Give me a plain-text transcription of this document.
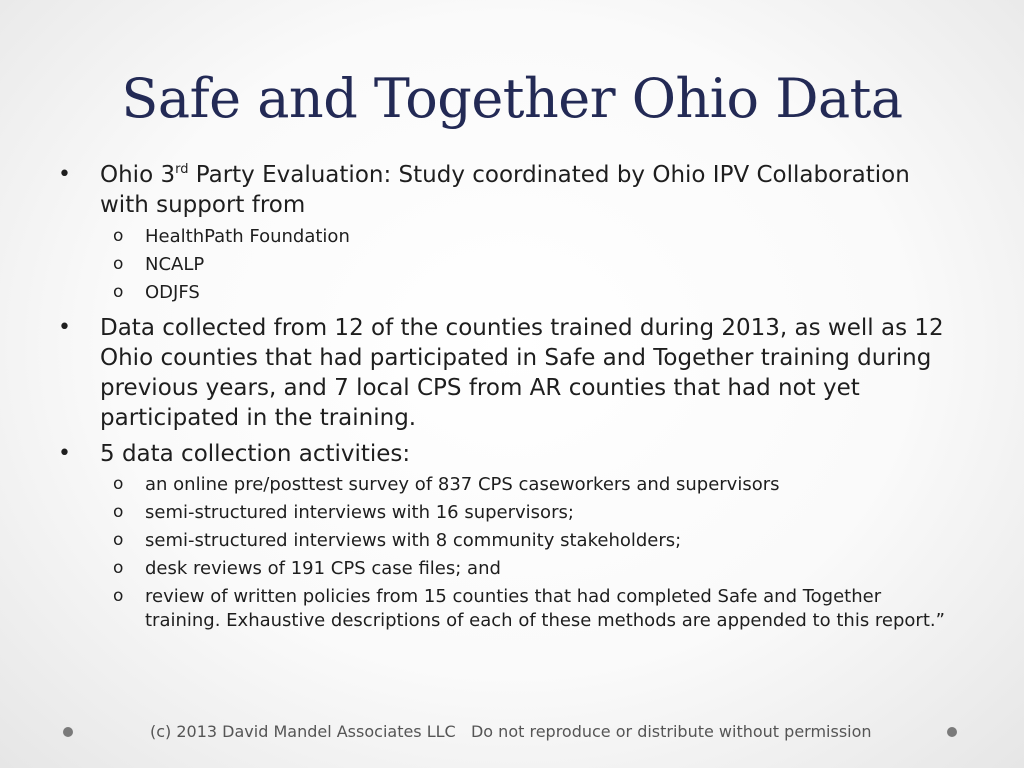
Safe and Together Ohio Data
• Ohio 3rd Party Evaluation: Study coordinated by Ohio IPV Collaboration with support from
o HealthPath Foundation
o NCALP
o ODJFS
• Data collected from 12 of the counties trained during 2013, as well as 12 Ohio counties that had participated in Safe and Together training during previous years, and 7 local CPS from AR counties that had not yet participated in the training.
• 5 data collection activities:
o an online pre/posttest survey of 837 CPS caseworkers and supervisors
o semi-structured interviews with 16 supervisors;
o semi-structured interviews with 8 community stakeholders;
o desk reviews of 191 CPS case files; and
o review of written policies from 15 counties that had completed Safe and Together training. Exhaustive descriptions of each of these methods are appended to this report.”
(c) 2013 David Mandel Associates LLC   Do not reproduce or distribute without permission
